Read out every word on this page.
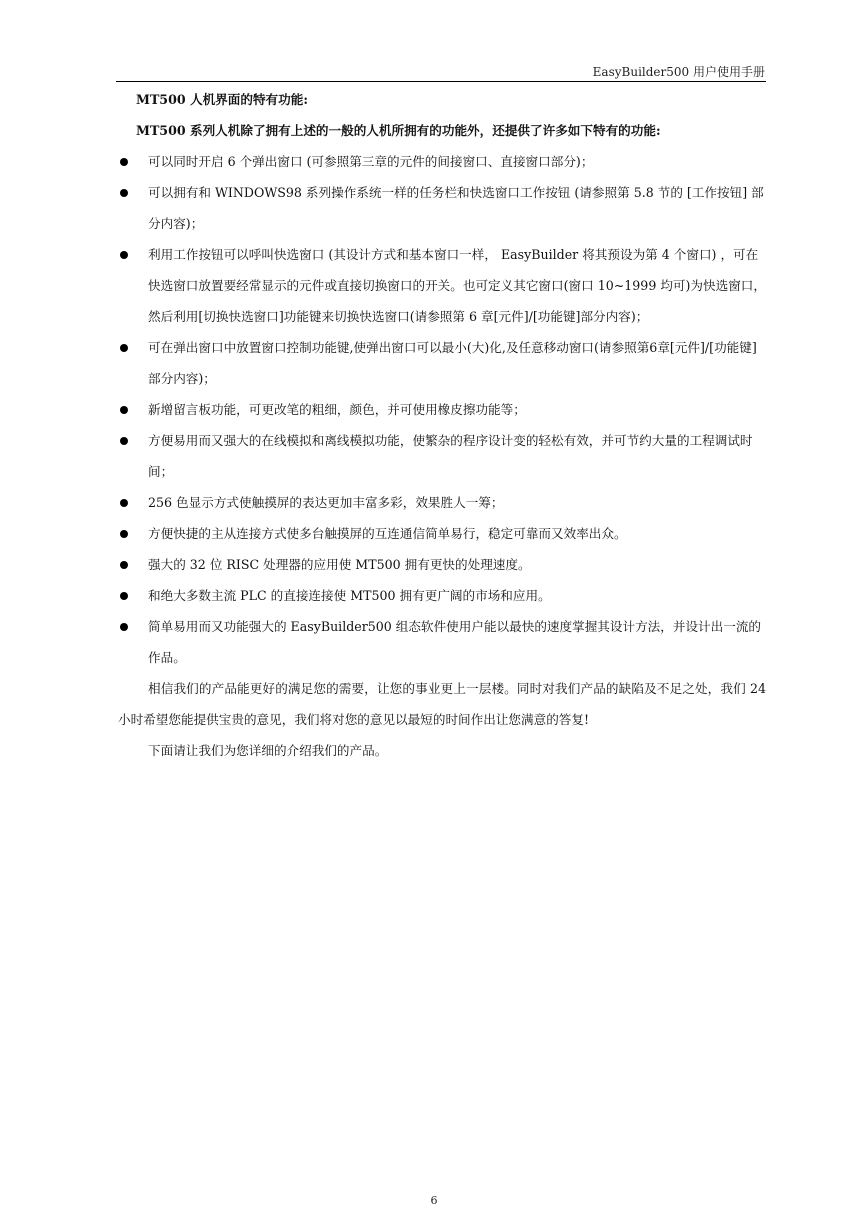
EasyBuilder500 用户使用手册

MT500 人机界面的特有功能:

MT500 系列人机除了拥有上述的一般的人机所拥有的功能外，还提供了许多如下特有的功能:

可以同时开启 6 个弹出窗口 (可参照第三章的元件的间接窗口、直接窗口部分)；
可以拥有和 WINDOWS98 系列操作系统一样的任务栏和快选窗口工作按钮 (请参照第 5.8 节的 [工作按钮] 部分内容)；
利用工作按钮可以呼叫快选窗口 (其设计方式和基本窗口一样， EasyBuilder 将其预设为第 4 个窗口) ，可在快选窗口放置要经常显示的元件或直接切换窗口的开关。也可定义其它窗口(窗口 10~1999 均可)为快选窗口，然后利用[切换快选窗口]功能键来切换快选窗口(请参照第 6 章[元件]/[功能键]部分内容)；
可在弹出窗口中放置窗口控制功能键,使弹出窗口可以最小(大)化,及任意移动窗口(请参照第6章[元件]/[功能键]部分内容)；
新增留言板功能，可更改笔的粗细，颜色，并可使用橡皮擦功能等；
方便易用而又强大的在线模拟和离线模拟功能，使繁杂的程序设计变的轻松有效，并可节约大量的工程调试时间；
256 色显示方式使触摸屏的表达更加丰富多彩，效果胜人一筹；
方便快捷的主从连接方式使多台触摸屏的互连通信简单易行，稳定可靠而又效率出众。
强大的 32 位 RISC 处理器的应用使 MT500 拥有更快的处理速度。
和绝大多数主流 PLC 的直接连接使 MT500 拥有更广阔的市场和应用。
简单易用而又功能强大的 EasyBuilder500 组态软件使用户能以最快的速度掌握其设计方法，并设计出一流的作品。

相信我们的产品能更好的满足您的需要，让您的事业更上一层楼。同时对我们产品的缺陷及不足之处，我们 24 小时希望您能提供宝贵的意见，我们将对您的意见以最短的时间作出让您满意的答复!

下面请让我们为您详细的介绍我们的产品。

6
